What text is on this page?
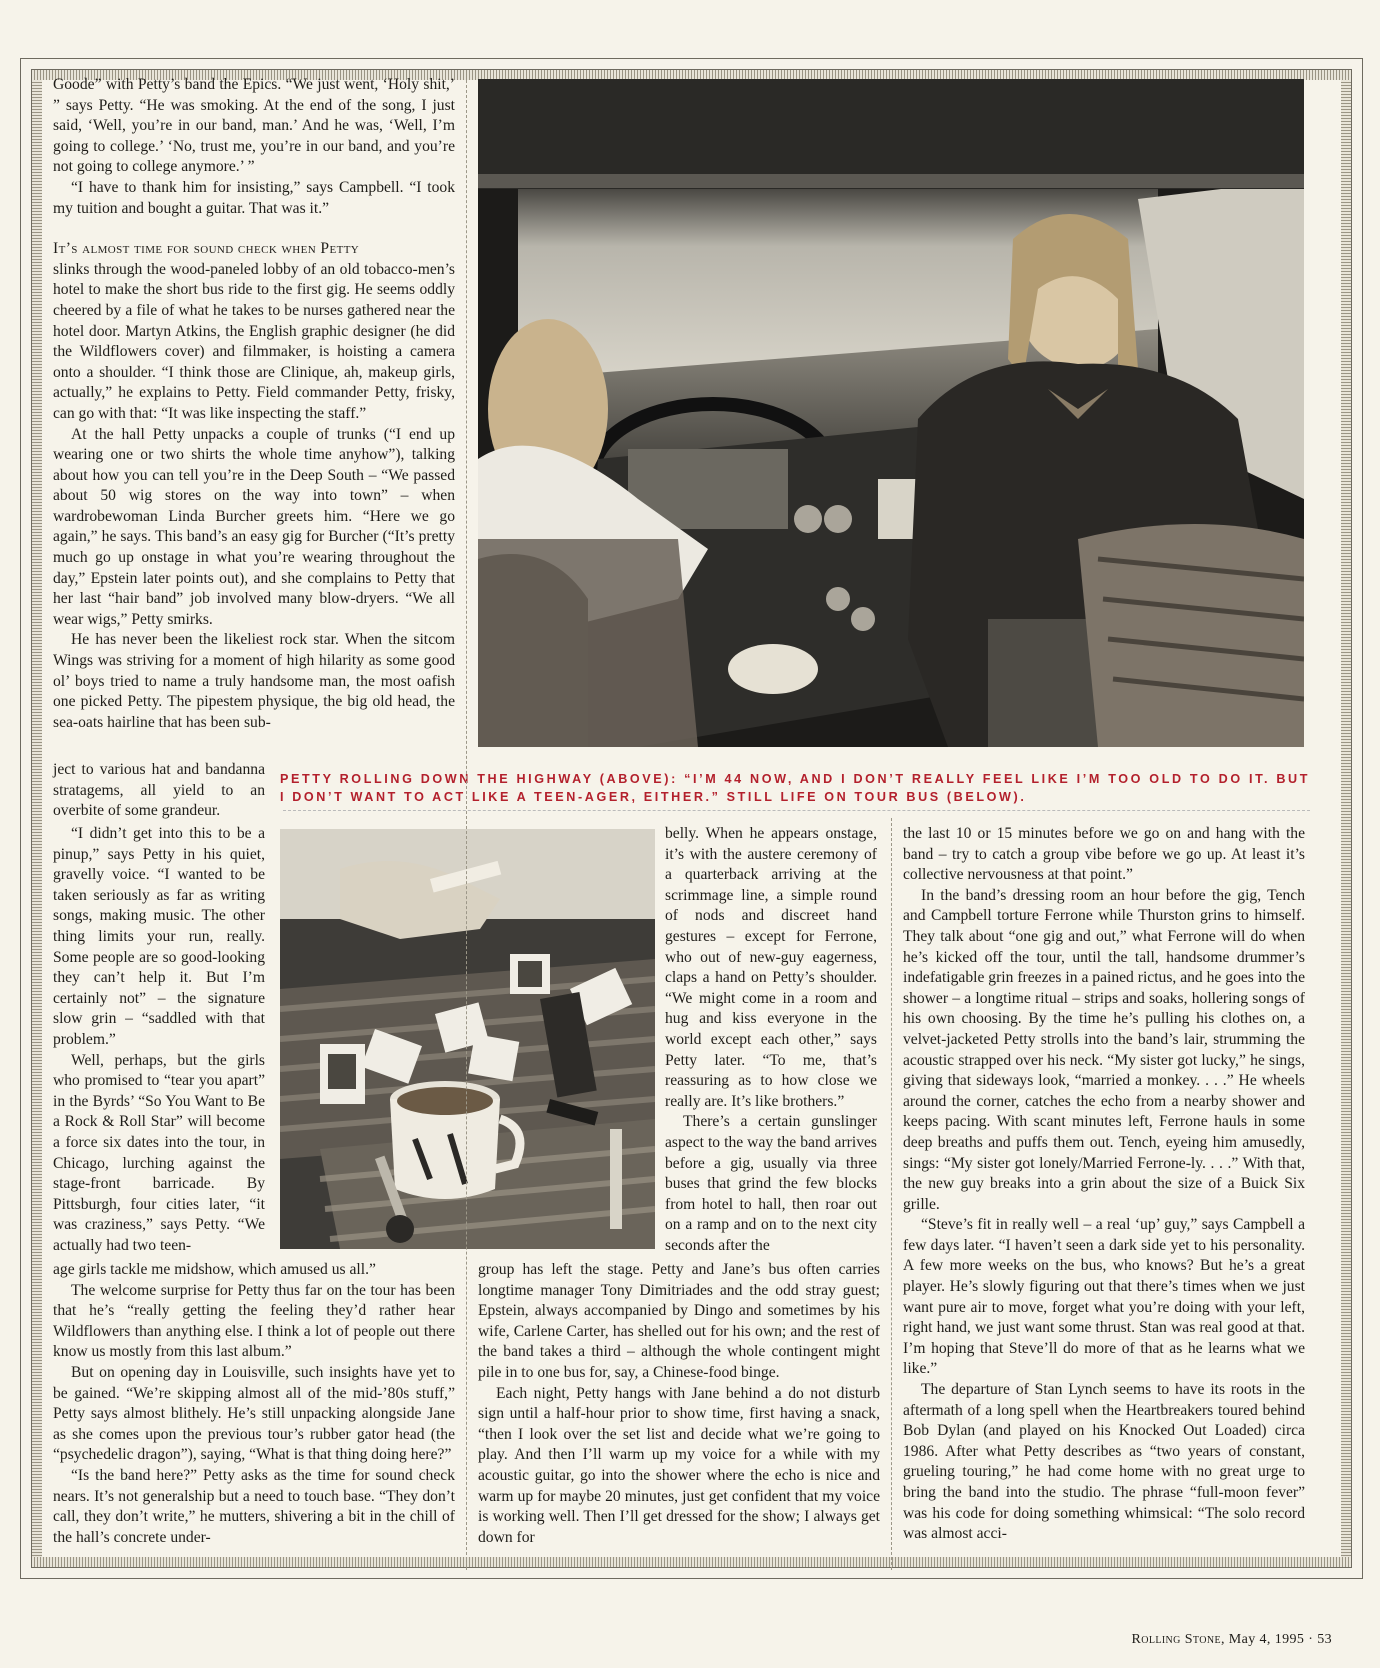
PETTY ROLLING DOWN THE HIGHWAY (ABOVE): “I’M 44 NOW, AND I DON’T REALLY FEEL LIKE I’M TOO OLD TO DO IT. BUT I DON’T WANT TO ACT LIKE A TEEN-AGER, EITHER.” STILL LIFE ON TOUR BUS (BELOW).

Goode” with Petty’s band the Epics. “We just went, ‘Holy shit,’ ” says Petty. “He was smoking. At the end of the song, I just said, ‘Well, you’re in our band, man.’ And he was, ‘Well, I’m going to college.’ ‘No, trust me, you’re in our band, and you’re not going to college anymore.’ ”

“I have to thank him for insisting,” says Campbell. “I took my tuition and bought a guitar. That was it.”

It’s almost time for sound check when Petty

slinks through the wood-paneled lobby of an old tobacco-men’s hotel to make the short bus ride to the first gig. He seems oddly cheered by a file of what he takes to be nurses gathered near the hotel door. Martyn Atkins, the English graphic designer (he did the Wildflowers cover) and filmmaker, is hoisting a camera onto a shoulder. “I think those are Clinique, ah, makeup girls, actually,” he explains to Petty. Field commander Petty, frisky, can go with that: “It was like inspecting the staff.”

At the hall Petty unpacks a couple of trunks (“I end up wearing one or two shirts the whole time anyhow”), talking about how you can tell you’re in the Deep South – “We passed about 50 wig stores on the way into town” – when wardrobewoman Linda Burcher greets him. “Here we go again,” he says. This band’s an easy gig for Burcher (“It’s pretty much go up onstage in what you’re wearing throughout the day,” Epstein later points out), and she complains to Petty that her last “hair band” job involved many blow-dryers. “We all wear wigs,” Petty smirks.

He has never been the likeliest rock star. When the sitcom Wings was striving for a moment of high hilarity as some good ol’ boys tried to name a truly handsome man, the most oafish one picked Petty. The pipestem physique, the big old head, the sea-oats hairline that has been sub-

ject to various hat and bandanna stratagems, all yield to an overbite of some grandeur.

“I didn’t get into this to be a pinup,” says Petty in his quiet, gravelly voice. “I wanted to be taken seriously as far as writing songs, making music. The other thing limits your run, really. Some people are so good-looking they can’t help it. But I’m certainly not” – the signature slow grin – “saddled with that problem.”

Well, perhaps, but the girls who promised to “tear you apart” in the Byrds’ “So You Want to Be a Rock & Roll Star” will become a force six dates into the tour, in Chicago, lurching against the stage-front barricade. By Pittsburgh, four cities later, “it was craziness,” says Petty. “We actually had two teen-

age girls tackle me midshow, which amused us all.”

The welcome surprise for Petty thus far on the tour has been that he’s “really getting the feeling they’d rather hear Wildflowers than anything else. I think a lot of people out there know us mostly from this last album.”

But on opening day in Louisville, such insights have yet to be gained. “We’re skipping almost all of the mid-’80s stuff,” Petty says almost blithely. He’s still unpacking alongside Jane as she comes upon the previous tour’s rubber gator head (the “psychedelic dragon”), saying, “What is that thing doing here?”

“Is the band here?” Petty asks as the time for sound check nears. It’s not generalship but a need to touch base. “They don’t call, they don’t write,” he mutters, shivering a bit in the chill of the hall’s concrete under-

belly. When he appears onstage, it’s with the austere ceremony of a quarterback arriving at the scrimmage line, a simple round of nods and discreet hand gestures – except for Ferrone, who out of new-guy eagerness, claps a hand on Petty’s shoulder. “We might come in a room and hug and kiss everyone in the world except each other,” says Petty later. “To me, that’s reassuring as to how close we really are. It’s like brothers.”

There’s a certain gunslinger aspect to the way the band arrives before a gig, usually via three buses that grind the few blocks from hotel to hall, then roar out on a ramp and on to the next city seconds after the

group has left the stage. Petty and Jane’s bus often carries longtime manager Tony Dimitriades and the odd stray guest; Epstein, always accompanied by Dingo and sometimes by his wife, Carlene Carter, has shelled out for his own; and the rest of the band takes a third – although the whole contingent might pile in to one bus for, say, a Chinese-food binge.

Each night, Petty hangs with Jane behind a do not disturb sign until a half-hour prior to show time, first having a snack, “then I look over the set list and decide what we’re going to play. And then I’ll warm up my voice for a while with my acoustic guitar, go into the shower where the echo is nice and warm up for maybe 20 minutes, just get confident that my voice is working well. Then I’ll get dressed for the show; I always get down for

the last 10 or 15 minutes before we go on and hang with the band – try to catch a group vibe before we go up. At least it’s collective nervousness at that point.”

In the band’s dressing room an hour before the gig, Tench and Campbell torture Ferrone while Thurston grins to himself. They talk about “one gig and out,” what Ferrone will do when he’s kicked off the tour, until the tall, handsome drummer’s indefatigable grin freezes in a pained rictus, and he goes into the shower – a longtime ritual – strips and soaks, hollering songs of his own choosing. By the time he’s pulling his clothes on, a velvet-jacketed Petty strolls into the band’s lair, strumming the acoustic strapped over his neck. “My sister got lucky,” he sings, giving that sideways look, “married a monkey. . . .” He wheels around the corner, catches the echo from a nearby shower and keeps pacing. With scant minutes left, Ferrone hauls in some deep breaths and puffs them out. Tench, eyeing him amusedly, sings: “My sister got lonely/Married Ferrone-ly. . . .” With that, the new guy breaks into a grin about the size of a Buick Six grille.

“Steve’s fit in really well – a real ‘up’ guy,” says Campbell a few days later. “I haven’t seen a dark side yet to his personality. A few more weeks on the bus, who knows? But he’s a great player. He’s slowly figuring out that there’s times when we just want pure air to move, forget what you’re doing with your left, right hand, we just want some thrust. Stan was real good at that. I’m hoping that Steve’ll do more of that as he learns what we like.”

The departure of Stan Lynch seems to have its roots in the aftermath of a long spell when the Heartbreakers toured behind Bob Dylan (and played on his Knocked Out Loaded) circa 1986. After what Petty describes as “two years of constant, grueling touring,” he had come home with no great urge to bring the band into the studio. The phrase “full-moon fever” was his code for doing something whimsical: “The solo record was almost acci-

Rolling Stone, May 4, 1995 · 53
